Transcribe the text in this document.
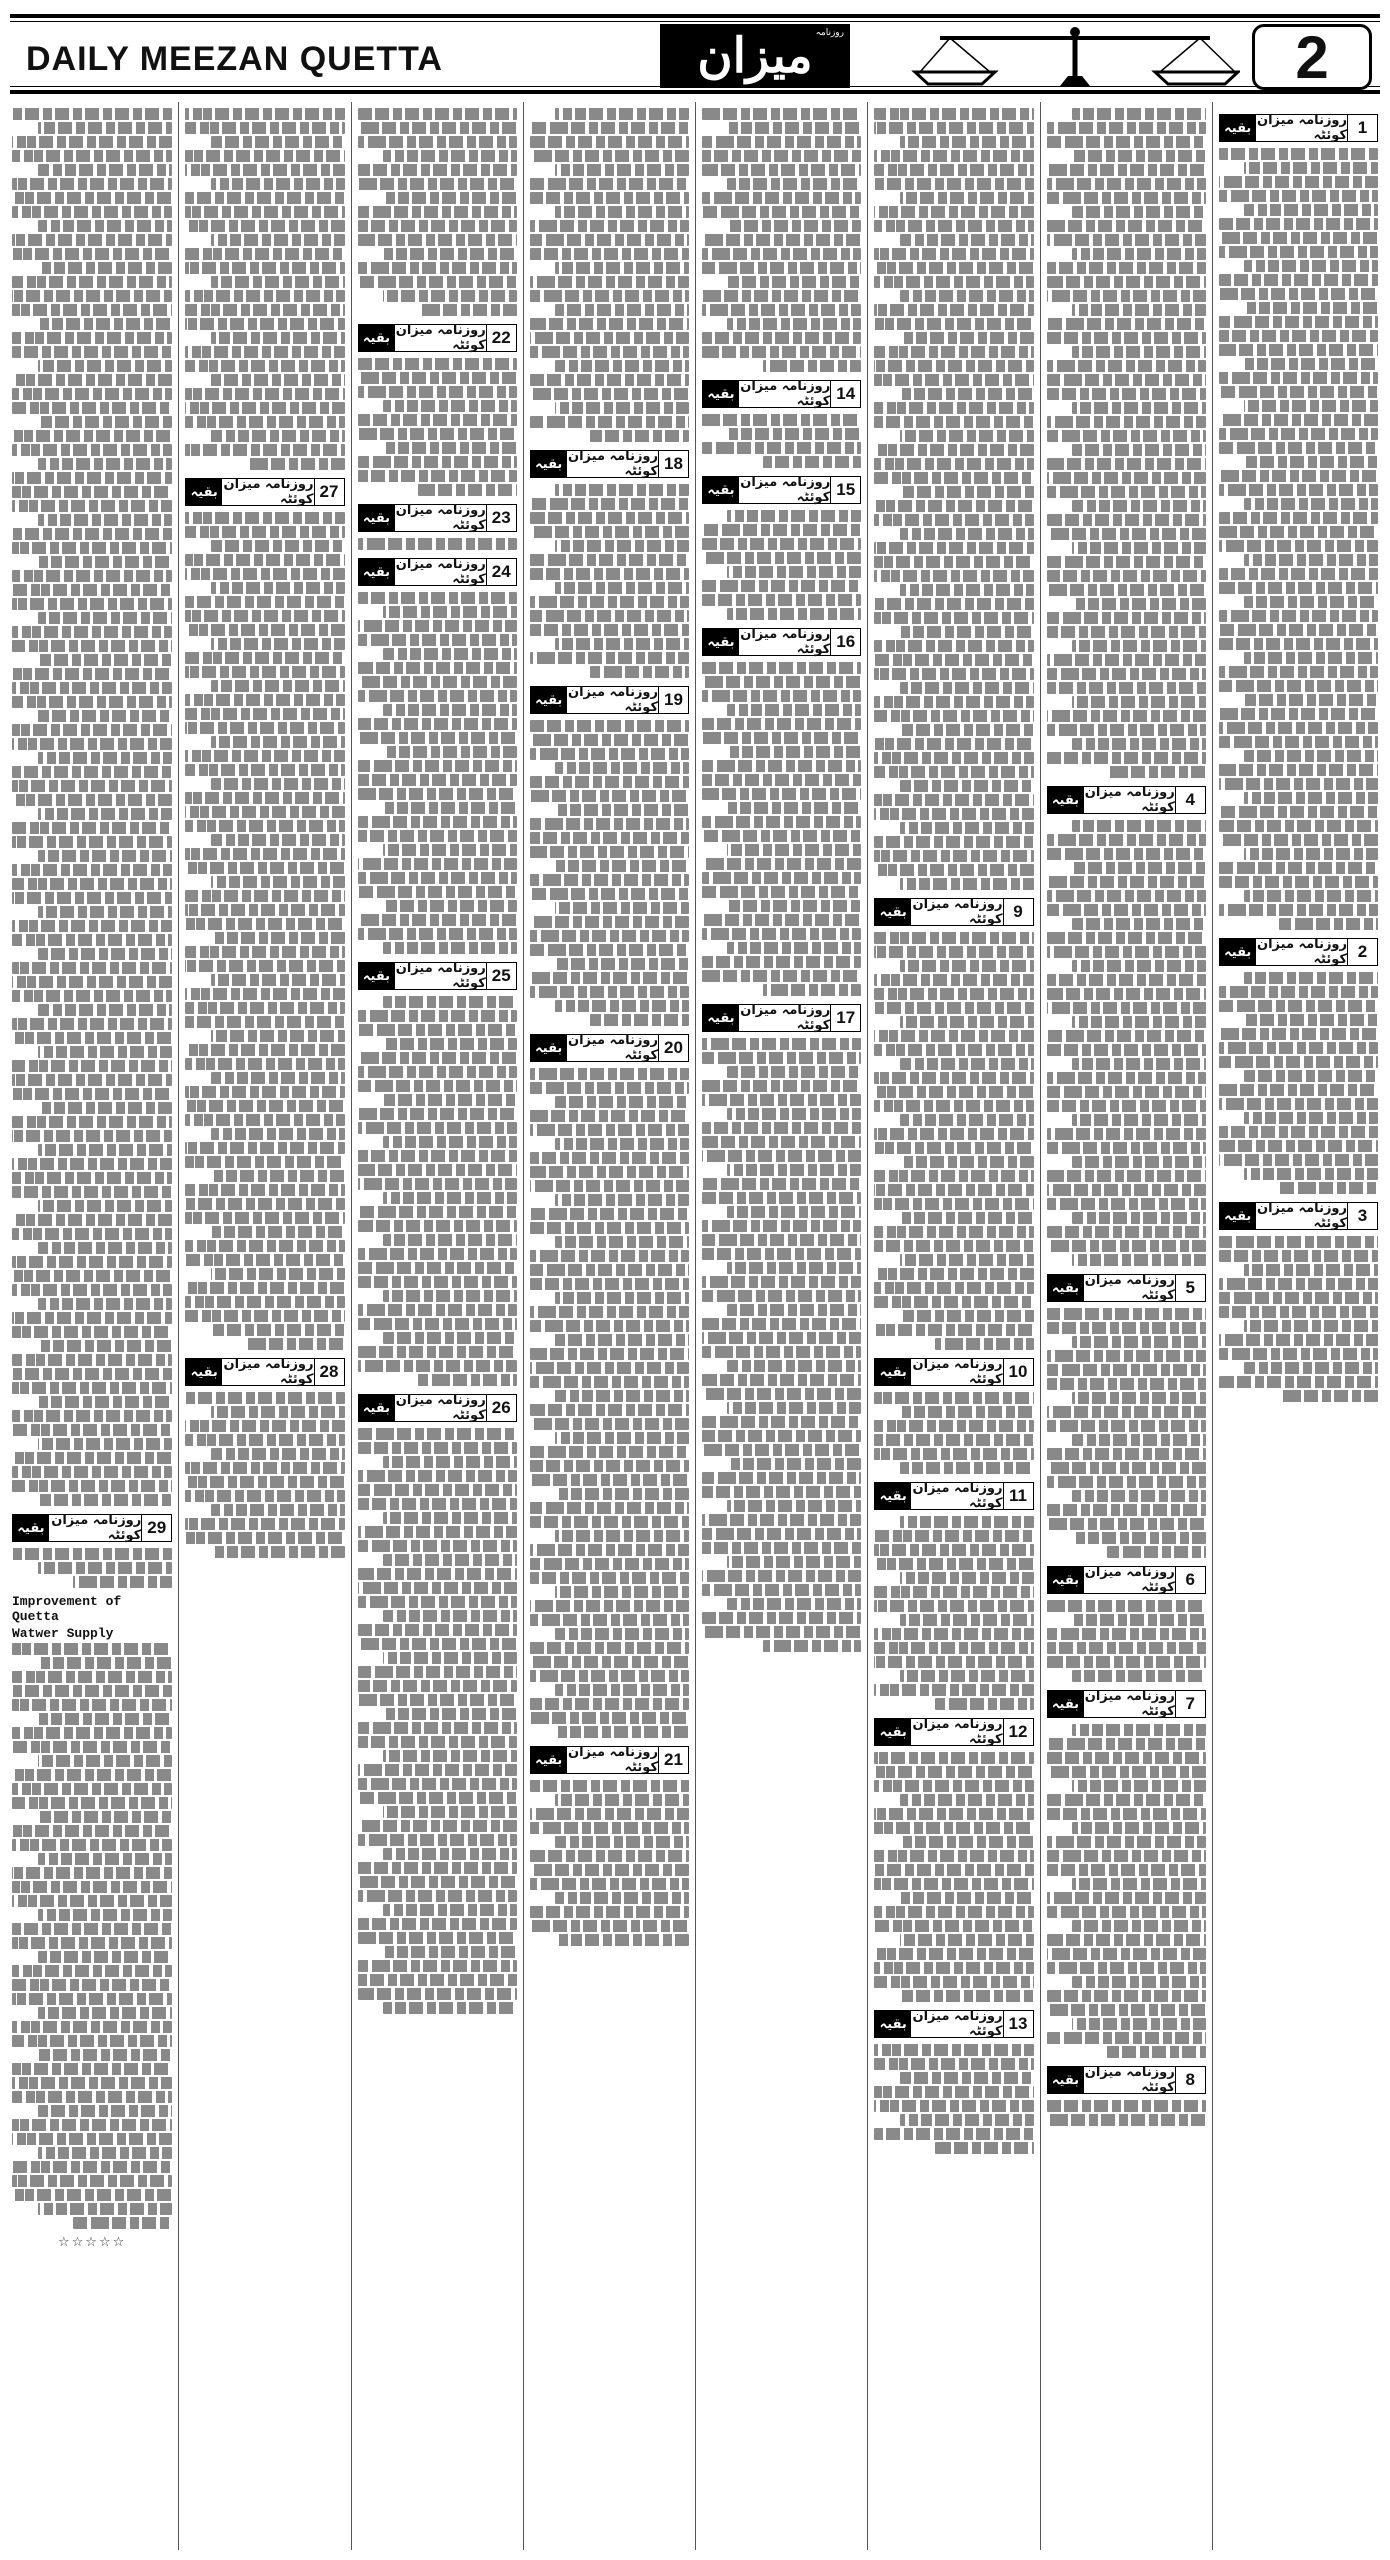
DAILY MEEZAN QUETTA
روزنامہ
میزان	2
1
روزنامہ میزان کوئٹہ
بقیہ
2
روزنامہ میزان کوئٹہ
بقیہ
3
روزنامہ میزان کوئٹہ
بقیہ
4
روزنامہ میزان کوئٹہ
بقیہ
5
روزنامہ میزان کوئٹہ
بقیہ
6
روزنامہ میزان کوئٹہ
بقیہ
7
روزنامہ میزان کوئٹہ
بقیہ
8
روزنامہ میزان کوئٹہ
بقیہ
9
روزنامہ میزان کوئٹہ
بقیہ
10
روزنامہ میزان کوئٹہ
بقیہ
11
روزنامہ میزان کوئٹہ
بقیہ
12
روزنامہ میزان کوئٹہ
بقیہ
13
روزنامہ میزان کوئٹہ
بقیہ
14
روزنامہ میزان کوئٹہ
بقیہ
15
روزنامہ میزان کوئٹہ
بقیہ
16
روزنامہ میزان کوئٹہ
بقیہ
17
روزنامہ میزان کوئٹہ
بقیہ
18
روزنامہ میزان کوئٹہ
بقیہ
19
روزنامہ میزان کوئٹہ
بقیہ
20
روزنامہ میزان کوئٹہ
بقیہ
21
روزنامہ میزان کوئٹہ
بقیہ
22
روزنامہ میزان کوئٹہ
بقیہ
23
روزنامہ میزان کوئٹہ
بقیہ
24
روزنامہ میزان کوئٹہ
بقیہ
25
روزنامہ میزان کوئٹہ
بقیہ
26
روزنامہ میزان کوئٹہ
بقیہ
27
روزنامہ میزان کوئٹہ
بقیہ
28
روزنامہ میزان کوئٹہ
بقیہ
29
روزنامہ میزان کوئٹہ
بقیہ
Improvement of Quetta
Watwer Supply
☆☆☆☆☆
